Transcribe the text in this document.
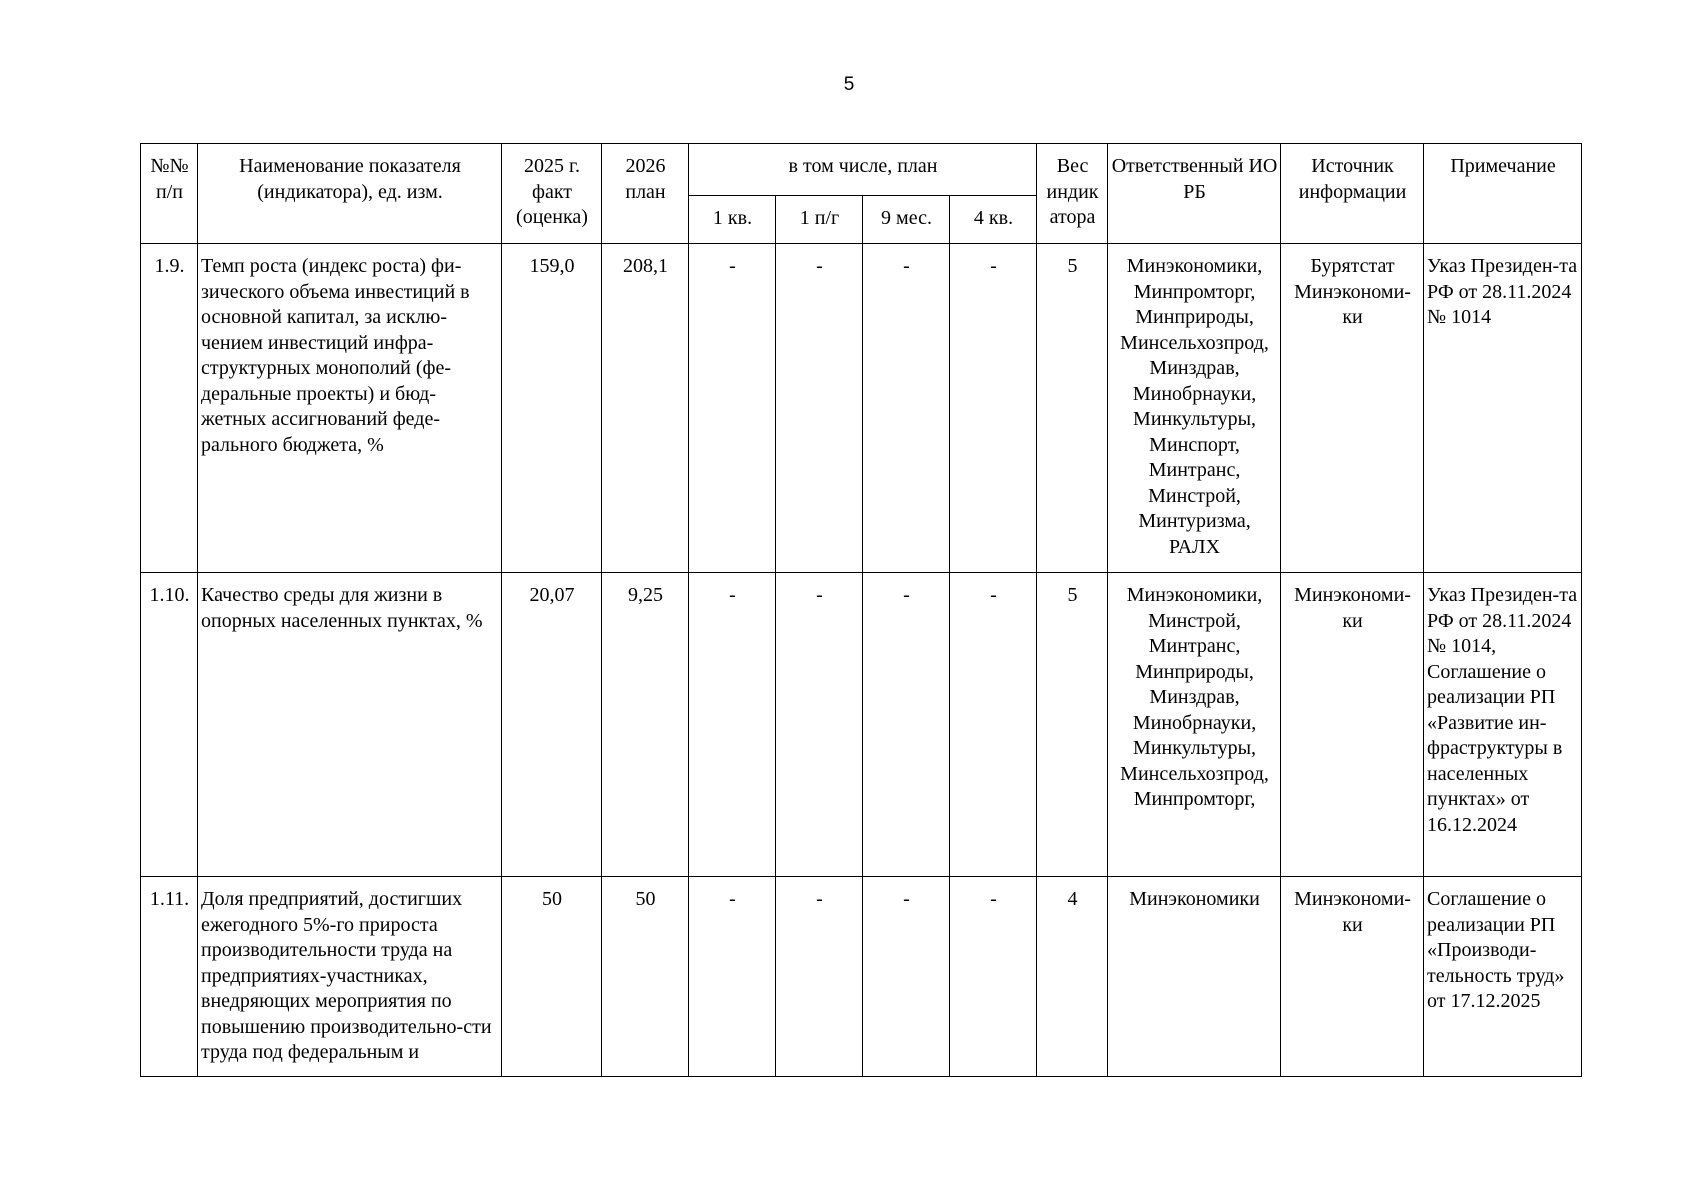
5
№№ п/п	Наименование показателя (индикатора), ед. изм.	2025 г. факт (оценка)	2026 план	в том числе, план				Вес индик атора	Ответственный ИО РБ	Источник информации	Примечание
				1 кв.	1 п/г	9 мес.	4 кв.				
1.9.	Темп роста (индекс роста) фи-зического объема инвестиций в основной капитал, за исклю-чением инвестиций инфра-структурных монополий (фе-деральные проекты) и бюд-жетных ассигнований феде-рального бюджета, %	159,0	208,1	-	-	-	-	5	Минэкономики, Минпромторг, Минприроды, Минсельхозпрод, Минздрав, Минобрнауки, Минкультуры, Минспорт, Минтранс, Минстрой, Минтуризма, РАЛХ	Бурятстат Минэкономи-ки	Указ Президен-та РФ от 28.11.2024 № 1014
1.10.	Качество среды для жизни в опорных населенных пунктах, %	20,07	9,25	-	-	-	-	5	Минэкономики, Минстрой, Минтранс, Минприроды, Минздрав, Минобрнауки, Минкультуры, Минсельхозпрод, Минпромторг,	Минэкономи-ки	Указ Президен-та РФ от 28.11.2024 № 1014, Соглашение о реализации РП «Развитие ин-фраструктуры в населенных пунктах» от 16.12.2024
1.11.	Доля предприятий, достигших ежегодного 5%-го прироста производительности труда на предприятиях-участниках, внедряющих мероприятия по повышению производительно-сти труда под федеральным и	50	50	-	-	-	-	4	Минэкономики	Минэкономи-ки	Соглашение о реализации РП «Производи-тельность труд» от 17.12.2025
